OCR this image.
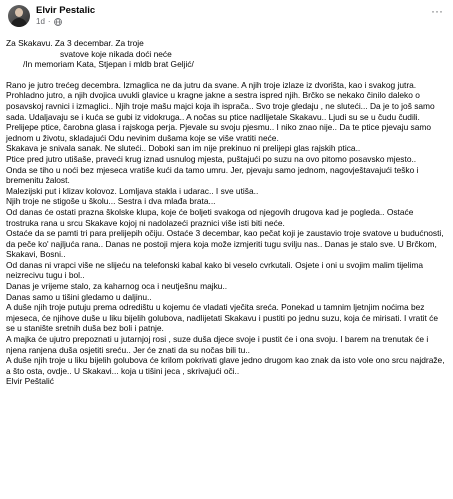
Elvir Pestalic
1d ·
···

Za Skakavu. Za 3 decembar. Za troje

svatove koje nikada doći neće

/In memoriam Kata, Stjepan i mldb brat Geljić/

Rano je jutro trećeg decembra. Izmaglica ne da jutru da svane. A njih troje izlaze iz dvorišta, kao i svakog jutra. Prohladno jutro, a njih dvojica uvukli glavice u kragne jakne a sestra ispred njih. Brčko se nekako činilo daleko o posavskoj ravnici i izmaglici.. Njih troje mašu majci koja ih isprača.. Svo troje gledaju , ne sluteći... Da je to još samo sada. Udaljavaju se i kuća se gubi iz vidokruga.. A nočas su ptice nadlijetale Skakavu.. Ljudi su se u čudu čudili. Prelijepe ptice, čarobna glasa i rajskoga perja. Pjevale su svoju pjesmu.. I niko znao nije.. Da te ptice pjevaju samo jednom u životu, skladajući Odu nevinim dušama koje se više vratiti neće.

Skakava je snivala sanak. Ne sluteći.. Doboki san im nije prekinuo ni prelijepi glas rajskih ptica..

Ptice pred jutro utišaše, praveći krug iznad usnulog mjesta, puštajući po suzu na ovo pitomo posavsko mjesto..

Onda se tiho u noći bez mjeseca vratiše kući da tamo umru. Jer, pjevaju samo jednom, nagovještavajući teško i bremenitu žalost.

Malezijski put i klizav kolovoz. Lomljava stakla i udarac.. I sve utiša..

Njih troje ne stigoše u školu... Sestra i dva mlađa brata...

Od danas će ostati prazna školske klupa, koje će bolјeti svakoga od njegovih drugova kad je pogleda.. Ostaće trostruka rana u srcu Skakave kojoj ni nadolazeći praznici više isti biti neće.

Ostaće da se pamti tri para prelijepih očiju. Ostaće 3 decembar, kao pečat koji je zaustavio troje svatove u budućnosti, da peče ko' najljuća rana.. Danas ne postoji mjera koja može izmjeriti tugu svilju nas.. Danas je stalo sve. U Brčkom, Skakavi, Bosni..

Od danas ni vrapci više ne slijeću na telefonski kabal kako bi veselo cvrkutali. Osjete i oni u svojim malim tijelima neizrecivu tugu i bol..

Danas je vrijeme stalo, za kaharnog oca i neutješnu majku..

Danas samo u tišini gledamo u daljinu..

A duše njih troje putuju prema odredištu u kojemu će vladati vječita sreća. Ponekad u tamnim ljetnjim noćima bez mjeseca, će njihove duše u liku bijelih golubova, nadlijetati Skakavu i pustiti po jednu suzu, koja će mirisati. I vratit će se u stanište sretnih duša bez boli i patnje.

A majka će ujutro prepoznati u jutarnjoj rosi , suze duša djece svoje i pustit će i ona svoju. I barem na trenutak će i njena ranjena duša osjetiti sreću.. Jer će znati da su nočas bili tu..

A duše njih troje u liku bijelih golubova će krilom pokrivati glave jedno drugom kao znak da isto vole ono srcu najdraže, a što osta, ovdje.. U Skakavi... koja u tišini jeca , skrivajući oči..

Elvir Peštalić
